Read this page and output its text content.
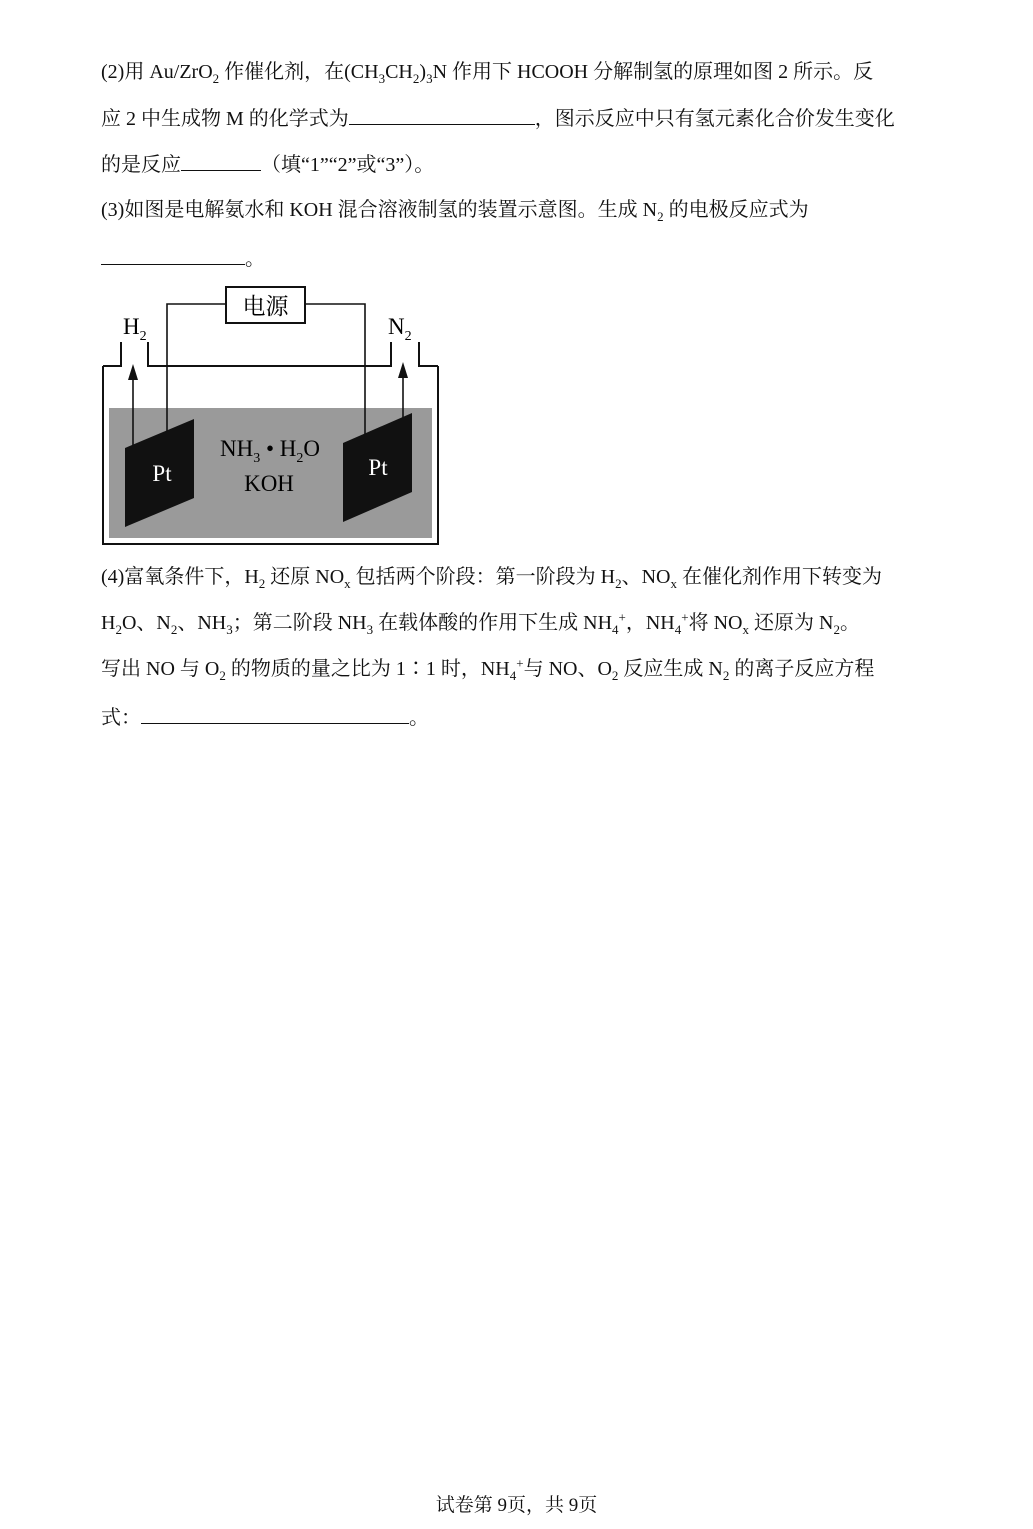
(2)用 Au/ZrO$_2$ 作催化剂，在$(CH_3CH_2)_3N$ 作用下 HCOOH 分解制氢的原理如图 2 所示。反
应 2 中生成物 M 的化学式为	，图示反应中只有氢元素化合价发生变化
的是反应	（填“1”“2”或“3”）。
(3)如图是电解氨水和 KOH 混合溶液制氢的装置示意图。生成 $N_2$ 的电极反应式为
。
电源
$H_2$	$N_2$
Pt	Pt
$NH_3$ • $H_2O$
KOH
(4)富氧条件下，$H_2$ 还原 $NO_x$ 包括两个阶段：第一阶段为 $H_2$、$NO_x$ 在催化剂作用下转变为
$H_2O$、$N_2$、$NH_3$；第二阶段 $NH_3$ 在载体酸的作用下生成 $NH_4^+$，$NH_4^+$将 $NO_x$ 还原为 $N_2$。
写出 NO 与 $O_2$ 的物质的量之比为 1∶1 时，$NH_4^+$与 NO、$O_2$ 反应生成 $N_2$ 的离子反应方程
式：	。
试卷第 9页，共 9页
